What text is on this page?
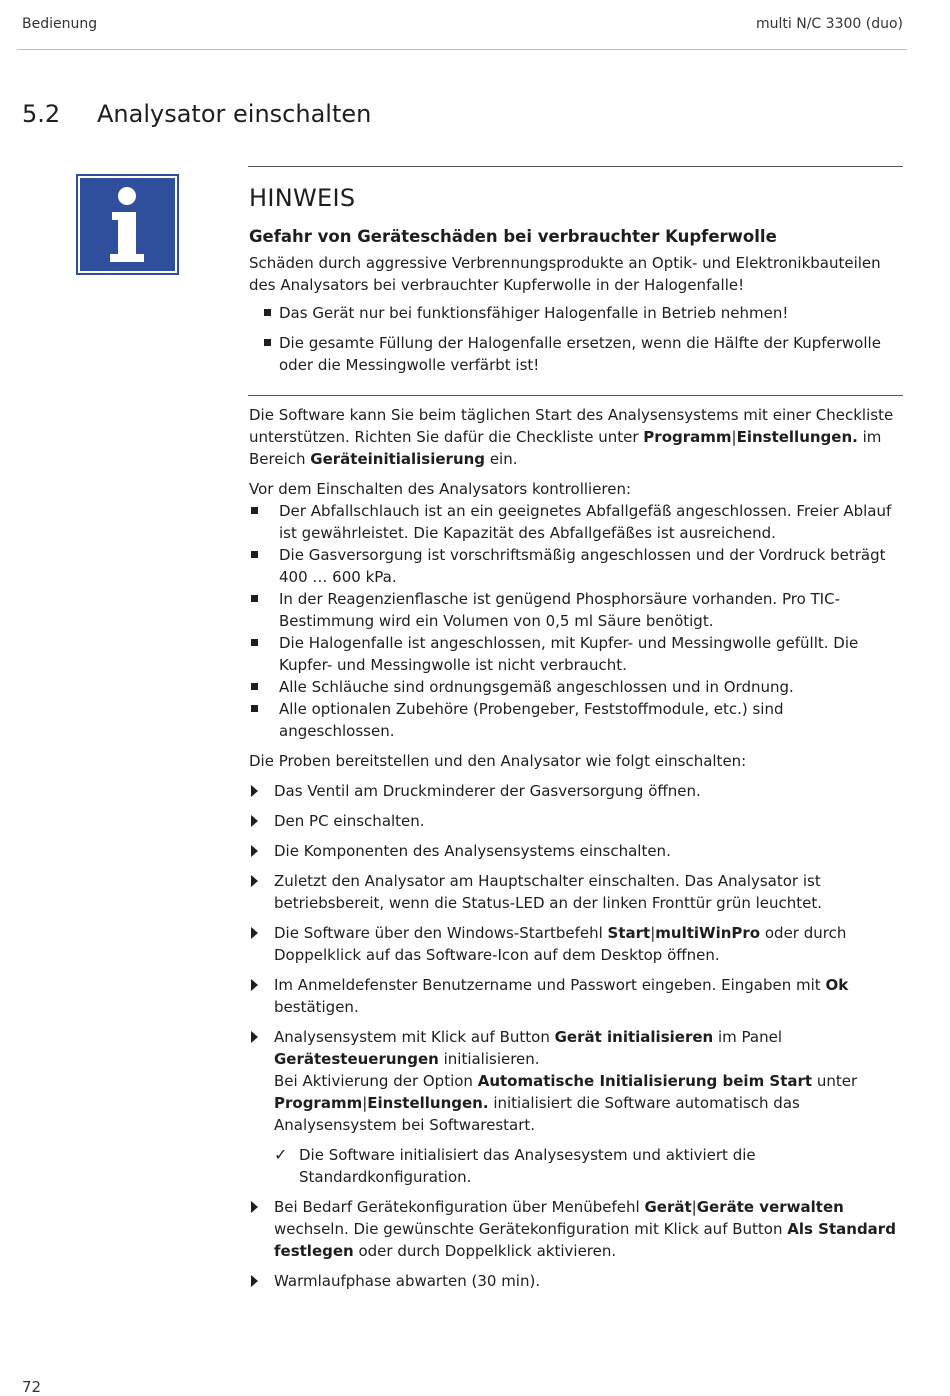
Bedienung	multi N/C 3300 (duo)
5.2 Analysator einschalten
HINWEIS
Gefahr von Geräteschäden bei verbrauchter Kupferwolle
Schäden durch aggressive Verbrennungsprodukte an Optik- und Elektronikbauteilen des Analysators bei verbrauchter Kupferwolle in der Halogenfalle!
Das Gerät nur bei funktionsfähiger Halogenfalle in Betrieb nehmen!
Die gesamte Füllung der Halogenfalle ersetzen, wenn die Hälfte der Kupferwolle oder die Messingwolle verfärbt ist!

Die Software kann Sie beim täglichen Start des Analysensystems mit einer Checkliste unterstützen. Richten Sie dafür die Checkliste unter Programm|Einstellungen. im Bereich Geräteinitialisierung ein.

Vor dem Einschalten des Analysators kontrollieren:

Der Abfallschlauch ist an ein geeignetes Abfallgefäß angeschlossen. Freier Ablauf ist gewährleistet. Die Kapazität des Abfallgefäßes ist ausreichend.
Die Gasversorgung ist vorschriftsmäßig angeschlossen und der Vordruck beträgt 400 … 600 kPa.
In der Reagenzienflasche ist genügend Phosphorsäure vorhanden. Pro TIC-Bestimmung wird ein Volumen von 0,5 ml Säure benötigt.
Die Halogenfalle ist angeschlossen, mit Kupfer- und Messingwolle gefüllt. Die Kupfer- und Messingwolle ist nicht verbraucht.
Alle Schläuche sind ordnungsgemäß angeschlossen und in Ordnung.
Alle optionalen Zubehöre (Probengeber, Feststoffmodule, etc.) sind angeschlossen.

Die Proben bereitstellen und den Analysator wie folgt einschalten:

Das Ventil am Druckminderer der Gasversorgung öffnen.
Den PC einschalten.
Die Komponenten des Analysensystems einschalten.
Zuletzt den Analysator am Hauptschalter einschalten. Das Analysator ist betriebsbereit, wenn die Status-LED an der linken Fronttür grün leuchtet.
Die Software über den Windows-Startbefehl Start|multiWinPro oder durch Doppelklick auf das Software-Icon auf dem Desktop öffnen.
Im Anmeldefenster Benutzername und Passwort eingeben. Eingaben mit Ok bestätigen.
Analysensystem mit Klick auf Button Gerät initialisieren im Panel Gerätesteuerungen initialisieren.
Bei Aktivierung der Option Automatische Initialisierung beim Start unter Programm|Einstellungen. initialisiert die Software automatisch das Analysensystem bei Softwarestart.
✓ Die Software initialisiert das Analysesystem und aktiviert die Standardkonfiguration.
Bei Bedarf Gerätekonfiguration über Menübefehl Gerät|Geräte verwalten wechseln. Die gewünschte Gerätekonfiguration mit Klick auf Button Als Standard festlegen oder durch Doppelklick aktivieren.
Warmlaufphase abwarten (30 min).
72
